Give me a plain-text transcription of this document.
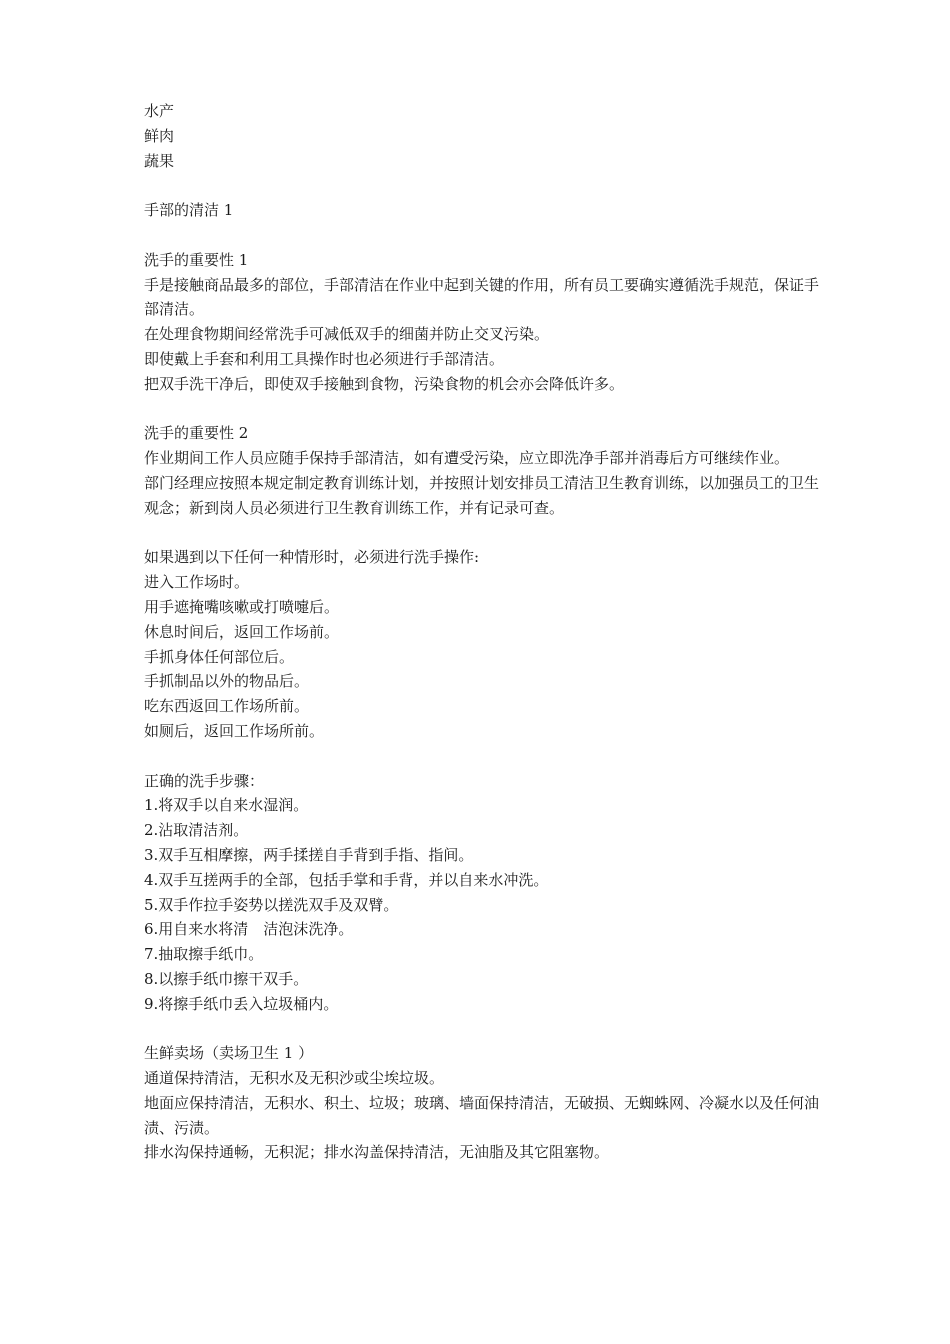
水产
鲜肉
蔬果
手部的清洁 1
洗手的重要性 1
手是接触商品最多的部位，手部清洁在作业中起到关键的作用，所有员工要确实遵循洗手规范，保证手部清洁。
在处理食物期间经常洗手可减低双手的细菌并防止交叉污染。
即使戴上手套和利用工具操作时也必须进行手部清洁。
把双手洗干净后，即使双手接触到食物，污染食物的机会亦会降低许多。
洗手的重要性 2
作业期间工作人员应随手保持手部清洁，如有遭受污染，应立即洗净手部并消毒后方可继续作业。
部门经理应按照本规定制定教育训练计划，并按照计划安排员工清洁卫生教育训练，以加强员工的卫生观念；新到岗人员必须进行卫生教育训练工作，并有记录可查。
如果遇到以下任何一种情形时，必须进行洗手操作:
进入工作场时。
用手遮掩嘴咳嗽或打喷嚏后。
休息时间后，返回工作场前。
手抓身体任何部位后。
手抓制品以外的物品后。
吃东西返回工作场所前。
如厕后，返回工作场所前。
正确的洗手步骤：
1.将双手以自来水湿润。
2.沾取清洁剂。
3.双手互相摩擦，两手揉搓自手背到手指、指间。
4.双手互搓两手的全部，包括手掌和手背，并以自来水冲洗。
5.双手作拉手姿势以搓洗双手及双臂。
6.用自来水将清　洁泡沫洗净。
7.抽取擦手纸巾。
8.以擦手纸巾擦干双手。
9.将擦手纸巾丢入垃圾桶内。
生鲜卖场（卖场卫生 1 ）
通道保持清洁，无积水及无积沙或尘埃垃圾。
地面应保持清洁，无积水、积土、垃圾；玻璃、墙面保持清洁，无破损、无蜘蛛网、冷凝水以及任何油渍、污渍。
排水沟保持通畅，无积泥；排水沟盖保持清洁，无油脂及其它阻塞物。
